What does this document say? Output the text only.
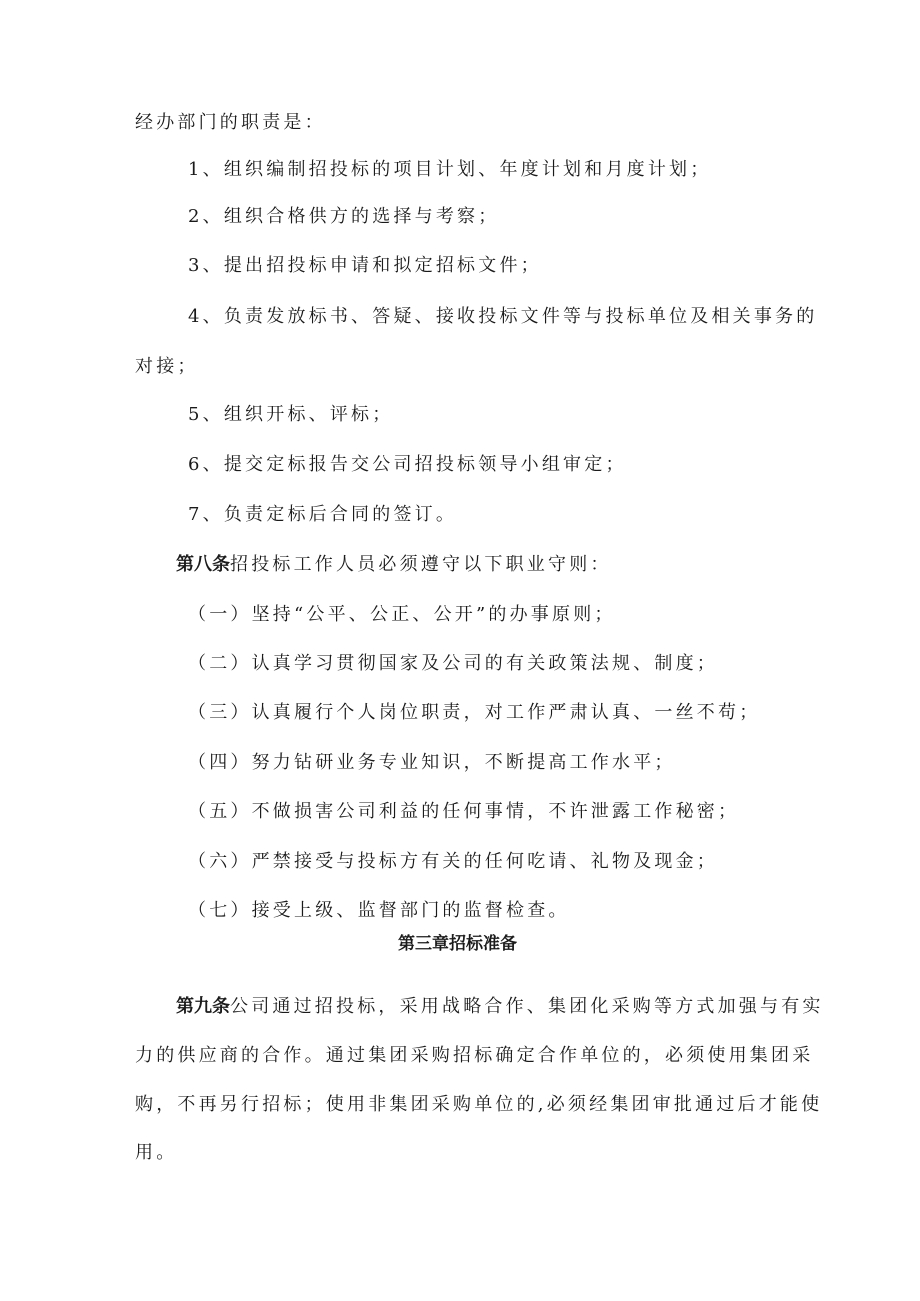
经办部门的职责是：
1、组织编制招投标的项目计划、年度计划和月度计划；
2、组织合格供方的选择与考察；
3、提出招投标申请和拟定招标文件；
4、负责发放标书、答疑、接收投标文件等与投标单位及相关事务的
对接；
5、组织开标、评标；
6、提交定标报告交公司招投标领导小组审定；
7、负责定标后合同的签订。
第八条招投标工作人员必须遵守以下职业守则：
（一）坚持“公平、公正、公开”的办事原则；
（二）认真学习贯彻国家及公司的有关政策法规、制度；
（三）认真履行个人岗位职责，对工作严肃认真、一丝不苟；
（四）努力钻研业务专业知识，不断提高工作水平；
（五）不做损害公司利益的任何事情，不许泄露工作秘密；
（六）严禁接受与投标方有关的任何吃请、礼物及现金；
（七）接受上级、监督部门的监督检查。
第三章招标准备
第九条公司通过招投标，采用战略合作、集团化采购等方式加强与有实
力的供应商的合作。通过集团采购招标确定合作单位的，必须使用集团采
购，不再另行招标；使用非集团采购单位的,必须经集团审批通过后才能使
用。
